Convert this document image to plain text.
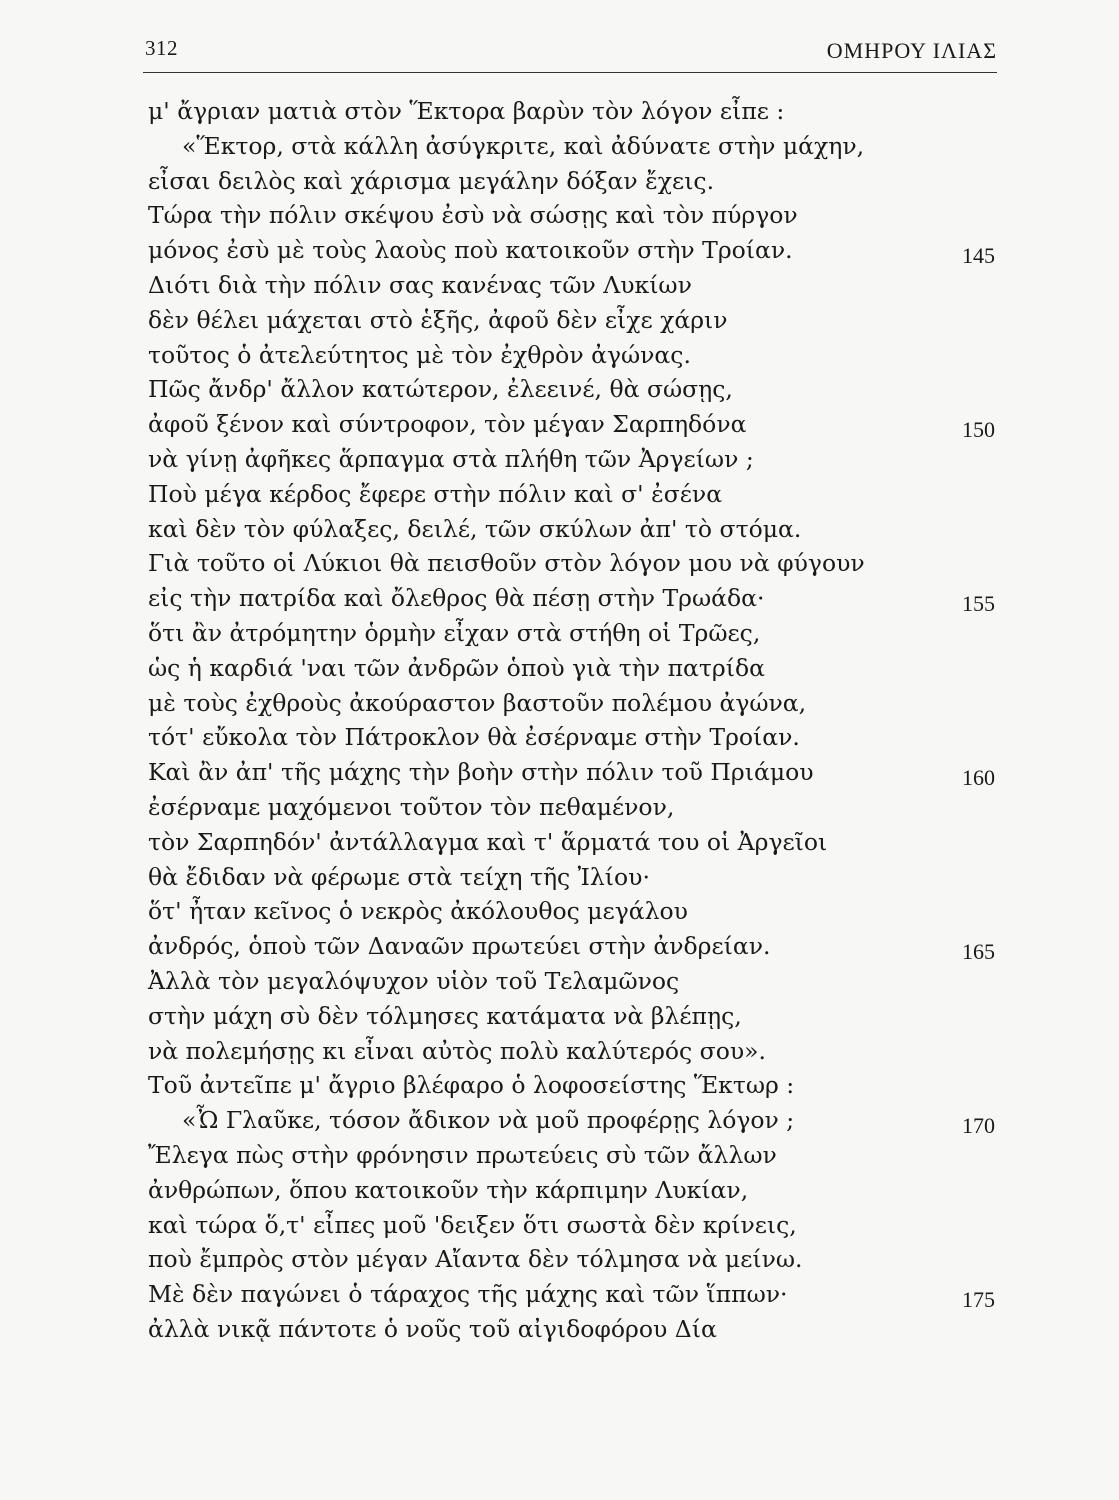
312	ΟΜΗΡΟΥ ΙΛΙΑΣ
μ' ἄγριαν ματιὰ στὸν Ἕκτορα βαρὺν τὸν λόγον εἶπε :
«Ἕκτορ, στὰ κάλλη ἀσύγκριτε, καὶ ἀδύνατε στὴν μάχην,
εἶσαι δειλὸς καὶ χάρισμα μεγάλην δόξαν ἔχεις.
Τώρα τὴν πόλιν σκέψου ἐσὺ νὰ σώσῃς καὶ τὸν πύργον
μόνος ἐσὺ μὲ τοὺς λαοὺς ποὺ κατοικοῦν στὴν Τροίαν.	145
Διότι διὰ τὴν πόλιν σας κανένας τῶν Λυκίων
δὲν θέλει μάχεται στὸ ἑξῆς, ἀφοῦ δὲν εἶχε χάριν
τοῦτος ὁ ἀτελεύτητος μὲ τὸν ἐχθρὸν ἀγώνας.
Πῶς ἄνδρ' ἄλλον κατώτερον, ἐλεεινέ, θὰ σώσῃς,
ἀφοῦ ξένον καὶ σύντροφον, τὸν μέγαν Σαρπηδόνα	150
νὰ γίνῃ ἀφῆκες ἅρπαγμα στὰ πλήθη τῶν Ἀργείων ;
Ποὺ μέγα κέρδος ἔφερε στὴν πόλιν καὶ σ' ἐσένα
καὶ δὲν τὸν φύλαξες, δειλέ, τῶν σκύλων ἀπ' τὸ στόμα.
Γιὰ τοῦτο οἱ Λύκιοι θὰ πεισθοῦν στὸν λόγον μου νὰ φύγουν
εἰς τὴν πατρίδα καὶ ὄλεθρος θὰ πέσῃ στὴν Τρωάδα·	155
ὅτι ἂν ἀτρόμητην ὁρμὴν εἶχαν στὰ στήθη οἱ Τρῶες,
ὡς ἡ καρδιά 'ναι τῶν ἀνδρῶν ὁποὺ γιὰ τὴν πατρίδα
μὲ τοὺς ἐχθροὺς ἀκούραστον βαστοῦν πολέμου ἀγώνα,
τότ' εὔκολα τὸν Πάτροκλον θὰ ἐσέρναμε στὴν Τροίαν.
Καὶ ἂν ἀπ' τῆς μάχης τὴν βοὴν στὴν πόλιν τοῦ Πριάμου	160
ἐσέρναμε μαχόμενοι τοῦτον τὸν πεθαμένον,
τὸν Σαρπηδόν' ἀντάλλαγμα καὶ τ' ἅρματά του οἱ Ἀργεῖοι
θὰ ἔδιδαν νὰ φέρωμε στὰ τείχη τῆς Ἰλίου·
ὅτ' ἦταν κεῖνος ὁ νεκρὸς ἀκόλουθος μεγάλου
ἀνδρός, ὁποὺ τῶν Δαναῶν πρωτεύει στὴν ἀνδρείαν.	165
Ἀλλὰ τὸν μεγαλόψυχον υἱὸν τοῦ Τελαμῶνος
στὴν μάχη σὺ δὲν τόλμησες κατάματα νὰ βλέπῃς,
νὰ πολεμήσῃς κι εἶναι αὐτὸς πολὺ καλύτερός σου».
Τοῦ ἀντεῖπε μ' ἄγριο βλέφαρο ὁ λοφοσείστης Ἕκτωρ :
«Ὦ Γλαῦκε, τόσον ἄδικον νὰ μοῦ προφέρῃς λόγον ;	170
Ἔλεγα πὼς στὴν φρόνησιν πρωτεύεις σὺ τῶν ἄλλων
ἀνθρώπων, ὅπου κατοικοῦν τὴν κάρπιμην Λυκίαν,
καὶ τώρα ὅ,τ' εἶπες μοῦ 'δειξεν ὅτι σωστὰ δὲν κρίνεις,
ποὺ ἔμπρὸς στὸν μέγαν Αἴαντα δὲν τόλμησα νὰ μείνω.
Μὲ δὲν παγώνει ὁ τάραχος τῆς μάχης καὶ τῶν ἵππων·	175
ἀλλὰ νικᾷ πάντοτε ὁ νοῦς τοῦ αἰγιδοφόρου Δία
